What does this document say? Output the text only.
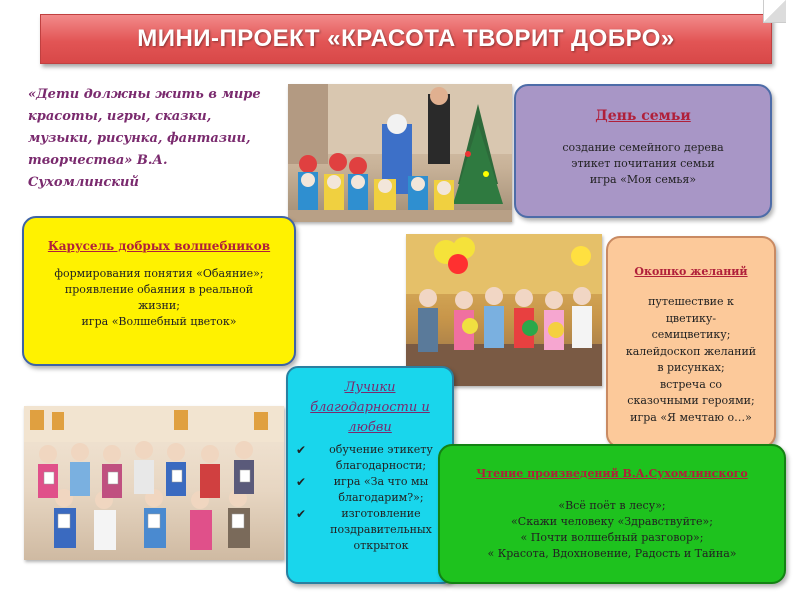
МИНИ-ПРОЕКТ «КРАСОТА ТВОРИТ ДОБРО»

«Дети должны жить в мире

красоты, игры, сказки,

музыки, рисунка, фантазии,

творчества» В.А.

Сухомлинский

День семьи

создание семейного дерева

этикет почитания семьи

игра «Моя семья»

Карусель добрых волшебников

формирования понятия «Обаяние»;

проявление обаяния в реальной

жизни;

игра «Волшебный цветок»

Окошко желаний

путешествие к

цветику-

семицветику;

калейдоскоп желаний

в рисунках;

встреча со

сказочными героями;

игра «Я мечтаю о…»

Лучики
благодарности и
любви

✔ обучение этикету благодарности;
✔	игра «За что мы благодарим?»;
✔	изготовление поздравительных открыток

Чтение произведений В.А.Сухомлинского

«Всё поёт в лесу»;

«Скажи человеку «Здравствуйте»;

« Почти волшебный разговор»;

« Красота, Вдохновение, Радость и Тайна»
